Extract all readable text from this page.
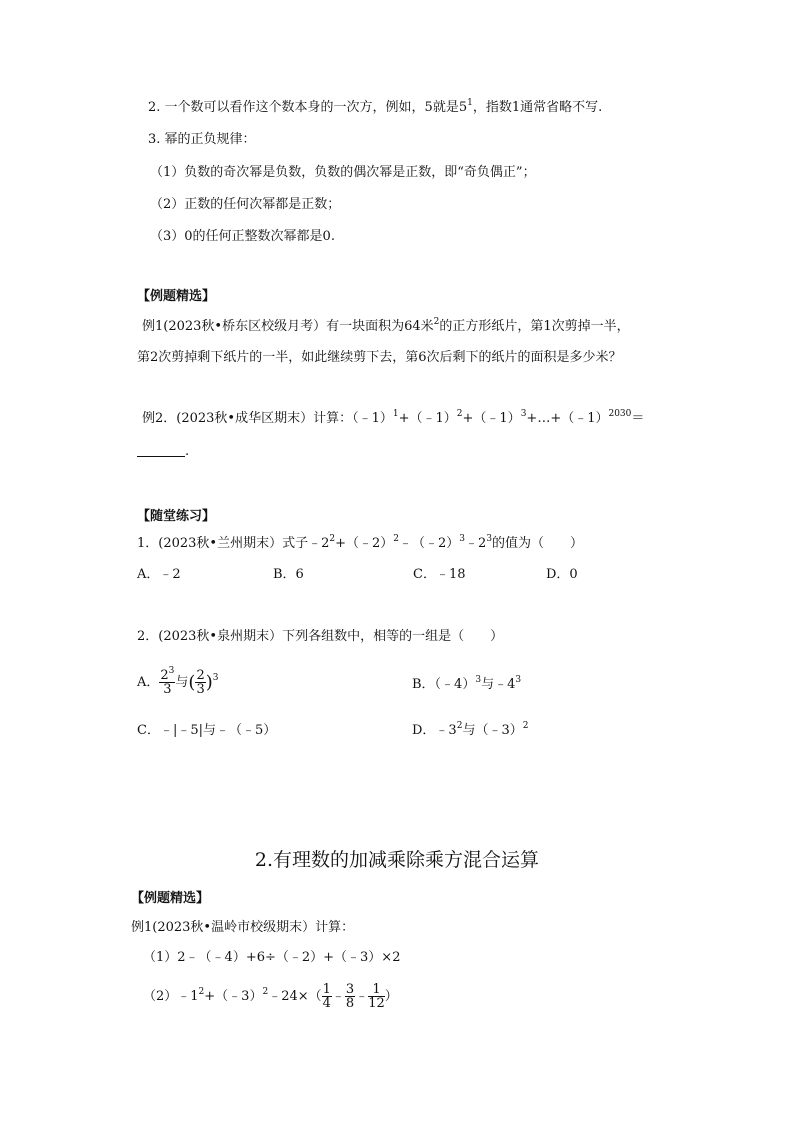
2. 一个数可以看作这个数本身的一次方，例如，5就是$5^1$，指数1通常省略不写.
3. 幂的正负规律：
（1）负数的奇次幂是负数，负数的偶次幂是正数，即“奇负偶正”；
（2）正数的任何次幂都是正数；
（3）0的任何正整数次幂都是0.
【例题精选】
例1(2023秋•桥东区校级月考）有一块面积为64米$^2$的正方形纸片，第1次剪掉一半，
第2次剪掉剩下纸片的一半，如此继续剪下去，第6次后剩下的纸片的面积是多少米？
例2．(2023秋•成华区期末）计算：（﹣1）$^1$+（﹣1）$^2$+（﹣1）$^3$+…+（﹣1）$^{2030}$＝
.
【随堂练习】
1．(2023秋•兰州期末）式子$﹣2^2+(﹣2)^2﹣(﹣2)^3﹣2^3$的值为（　　）
A．﹣2	B．6	C．﹣18	D．0
2．(2023秋•泉州期末）下列各组数中，相等的一组是（　　）
A． $\frac{2^3}{3}$ 与( $\frac{2}{3} )^3$	B．（﹣4）$^3$与$﹣4^3$
C．﹣|﹣5|与﹣（﹣5）	D．$﹣3^2$与（﹣3）$^2$
2.有理数的加减乘除乘方混合运算
【例题精选】
例1(2023秋•温岭市校级期末）计算：
（1）2﹣（﹣4）+6÷（﹣2）+（﹣3）×2
$(2)﹣1^2+(﹣3)^2﹣24\times( \frac{1}{4}$ ﹣ $\frac{3}{8}$ ﹣ $\frac{1}{12}$ ）
